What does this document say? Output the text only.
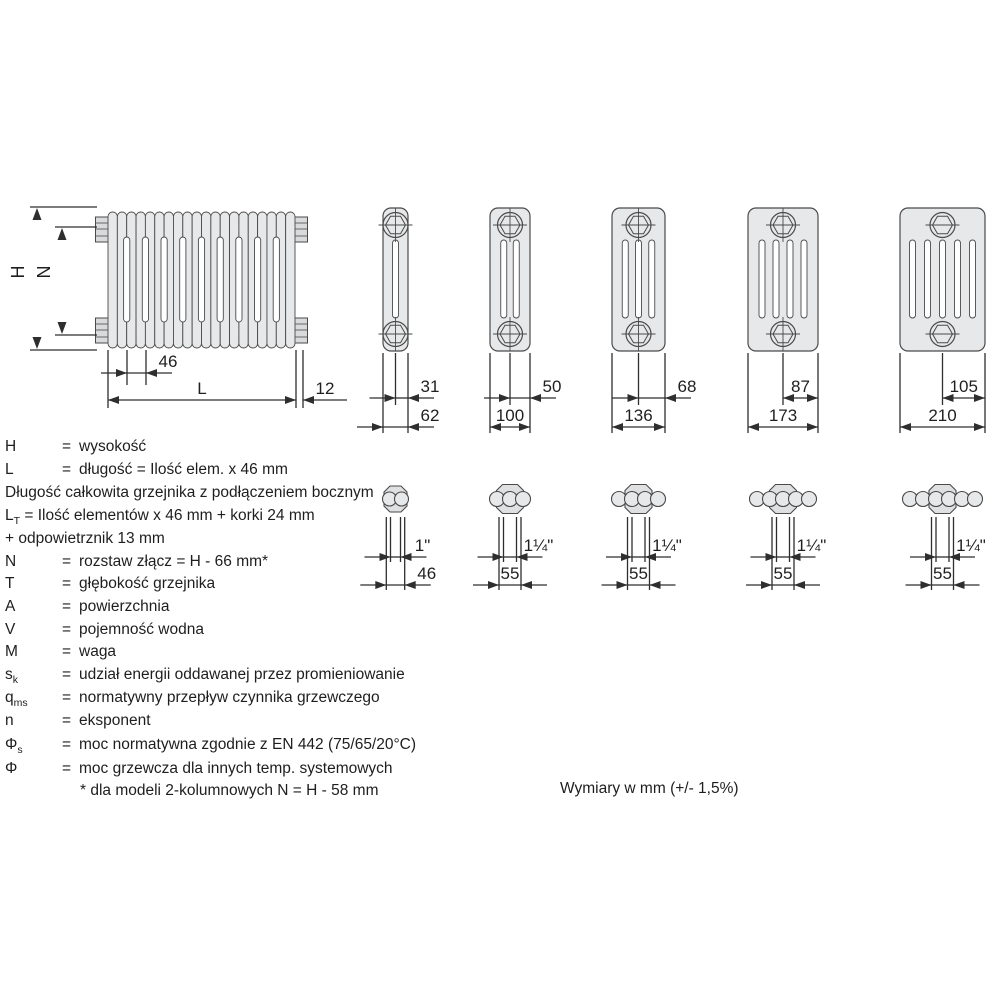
H N
46
L	12	31
62
50
100
68
136
87
173
105
210
1"
46
1¼"
55
1¼"
55
1¼"
55
1¼"
55
H	= wysokość
L	= długość = Ilość elem. x 46 mm
Długość całkowita grzejnika z podłączeniem bocznym
$L_T$ = Ilość elementów x 46 mm + korki 24 mm
+ odpowietrznik 13 mm
N	= rozstaw złącz = H - 66 mm*
T	= głębokość grzejnika
A	= powierzchnia
V	= pojemność wodna
M	= waga
$s_k$	= udział energii oddawanej przez promieniowanie
$q_{ms}$ = normatywny przepływ czynnika grzewczego
n	= eksponent
$\Phi_s$	= moc normatywna zgodnie z EN 442 (75/65/20°C)
Φ	= moc grzewcza dla innych temp. systemowych
* dla modeli 2-kolumnowych N = H - 58 mm	Wymiary w mm (+/- 1,5%)
